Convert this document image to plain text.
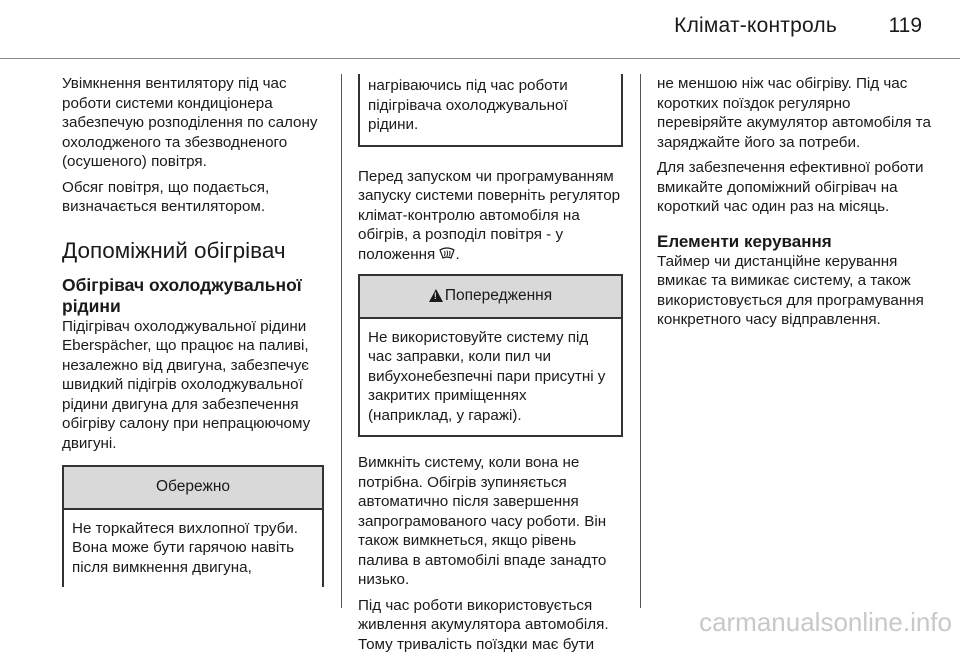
Клімат-контроль 119

Увімкнення вентилятору під час роботи системи кондиціонера забезпечую розподілення по салону охолодженого та збезводненого (осушеного) повітря.

Обсяг повітря, що подається, визначається вентилятором.

Допоміжний обігрівач
Обігрівач охолоджувальної рідини

Підігрівач охолоджувальної рідини Eberspächer, що працює на паливі, незалежно від двигуна, забезпечує швидкий підігрів охолоджувальної рідини двигуна для забезпечення обігріву салону при непрацюючому двигуні.

Обережно
Не торкайтеся вихлопної труби. Вона може бути гарячою навіть після вимкнення двигуна,
нагріваючись під час роботи підігрівача охолоджувальної рідини.

Перед запуском чи програмуванням запуску системи поверніть регулятор клімат-контролю автомобіля на обігрів, а розподіл повітря - у положення .

!Попередження
Не використовуйте систему під час заправки, коли пил чи вибухонебезпечні пари присутні у закритих приміщеннях (наприклад, у гаражі).

Вимкніть систему, коли вона не потрібна. Обігрів зупиняється автоматично після завершення запрограмованого часу роботи. Він також вимкнеться, якщо рівень палива в автомобілі впаде занадто низько.

Під час роботи використовується живлення акумулятора автомобіля. Тому тривалість поїздки має бути

не меншою ніж час обігріву. Під час коротких поїздок регулярно перевіряйте акумулятор автомобіля та заряджайте його за потреби.

Для забезпечення ефективної роботи вмикайте допоміжний обігрівач на короткий час один раз на місяць.

Елементи керування

Таймер чи дистанційне керування вмикає та вимикає систему, а також використовується для програмування конкретного часу відправлення.

carmanualsonline.info
